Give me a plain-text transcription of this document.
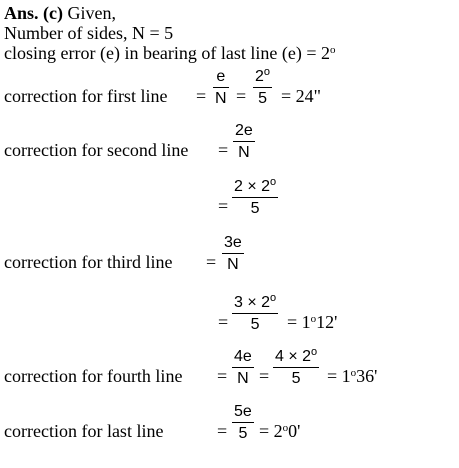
Ans. (c) Given,
Number of sides, N = 5
closing error (e) in bearing of last line $(e) = 2^o$
correction for first line =
e
N =
$2^o$
5 = 24"
correction for second line =
2e
N
=
$2 \times 2^o$
5
correction for third line =
3e
N
=
$3 \times 2^o$
$5 = 1^o12'$
correction for fourth line =
4e
N =
$4 \times 2^o$
$5 = 1^o36'$
correction for last line	=
5e
$5 = 2^o0'$
